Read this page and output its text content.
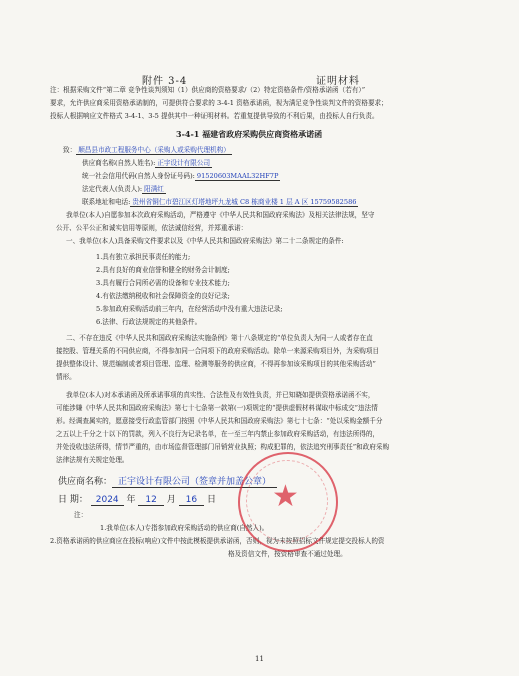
附件 3-4	证明材料
注：根据采购文件“第二章 竞争性谈判须知（1）供应商的资格要求/（2）特定资格条件/资格承诺函（若有）”
要求，允许供应商采用资格承诺制的，可提供符合要求的 3-4-1 资格承诺函，视为满足竞争性谈判文件的资格要求；
投标人根据响应文件格式 3-4-1、3-5 提供其中一种证明材料。若重复提供导致的不利后果，由投标人自行负责。
3-4-1 福建省政府采购供应商资格承诺函
致： 顺昌县市政工程服务中心（采购人或采购代理机构）
供应商名称(自然人姓名): 正宇设计有限公司
统一社会信用代码(自然人身份证号码): 91520603MAAL32HF7P
法定代表人(负责人): 阳满红
联系地址和电话: 贵州省铜仁市碧江区灯塔地坪九龙城 C8 栋商业楼 1 层 A 区 15759582586
我单位(本人)自愿参加本次政府采购活动，严格遵守《中华人民共和国政府采购法》及相关法律法规，坚守
公开、公平公正和诚实信用等原则，依法诚信经营，并郑重承诺：
一、我单位(本人)具备采购文件要求以及《中华人民共和国政府采购法》第二十二条规定的条件:
1.具有独立承担民事责任的能力;
2.具有良好的商业信誉和健全的财务会计制度;
3.具有履行合同所必需的设备和专业技术能力;
4.有依法缴纳税收和社会保障资金的良好记录;
5.参加政府采购活动前三年内，在经营活动中没有重大违法记录;
6.法律、行政法规规定的其他条件。
二、不存在违反《中华人民共和国政府采购法实施条例》第十八条规定的“单位负责人为同一人或者存在直
接控股、管理关系的不同供应商，不得参加同一合同项下的政府采购活动。除单一来源采购项目外，为采购项目
提供整体设计、规范编制或者项目管理、监理、检测等服务的供应商，不得再参加该采购项目的其他采购活动”
情形。
我单位(本人)对本承诺函及所承诺事项的真实性、合法性及有效性负责，并已知晓如提供资格承诺函不实，
可能涉嫌《中华人民共和国政府采购法》第七十七条第一款第(一)项规定的“提供虚假材料谋取中标成交”违法情
形。经调查属实的，愿意接受行政监管部门按照《中华人民共和国政府采购法》第七十七条：“处以采购金额千分
之五以上千分之十以下的罚款，列入不良行为记录名单，在一至三年内禁止参加政府采购活动，有违法所得的，
并处没收违法所得，情节严重的，由市场监督管理部门吊销营业执照；构成犯罪的，依法追究刑事责任”和政府采购
法律法规有关规定处理。
供应商名称： 正宇设计有限公司（签章并加盖公章）
日 期： 2024 年 12 月 16 日
注：
1.我单位(本人)专指参加政府采购活动的供应商(自然人)。
2.资格承诺函的供应商应在投标(响应)文件中按此模板提供承诺函，否则，视为未按照招标文件规定提交投标人的资
格及资信文件，按资格审查不通过处理。
★
11
